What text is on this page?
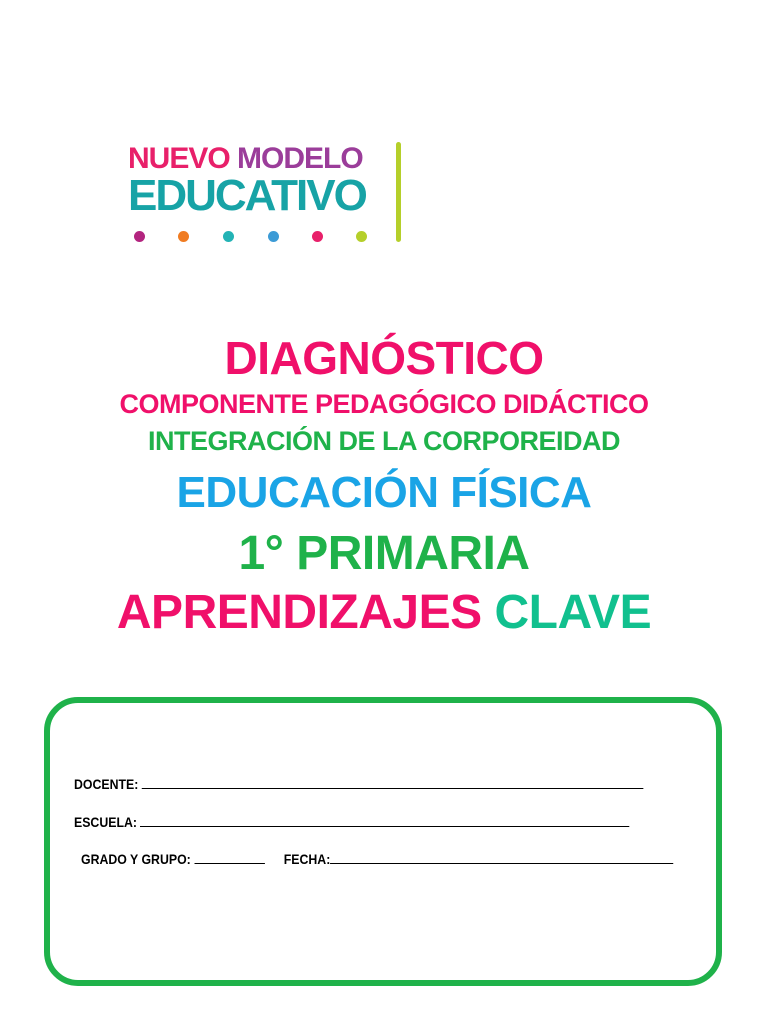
NUEVO MODELO
EDUCATIVO
DIAGNÓSTICO
COMPONENTE PEDAGÓGICO DIDÁCTICO
INTEGRACIÓN DE LA CORPOREIDAD
EDUCACIÓN FÍSICA
1° PRIMARIA
APRENDIZAJES CLAVE
DOCENTE:
ESCUELA:
GRADO Y GRUPO:	FECHA:
